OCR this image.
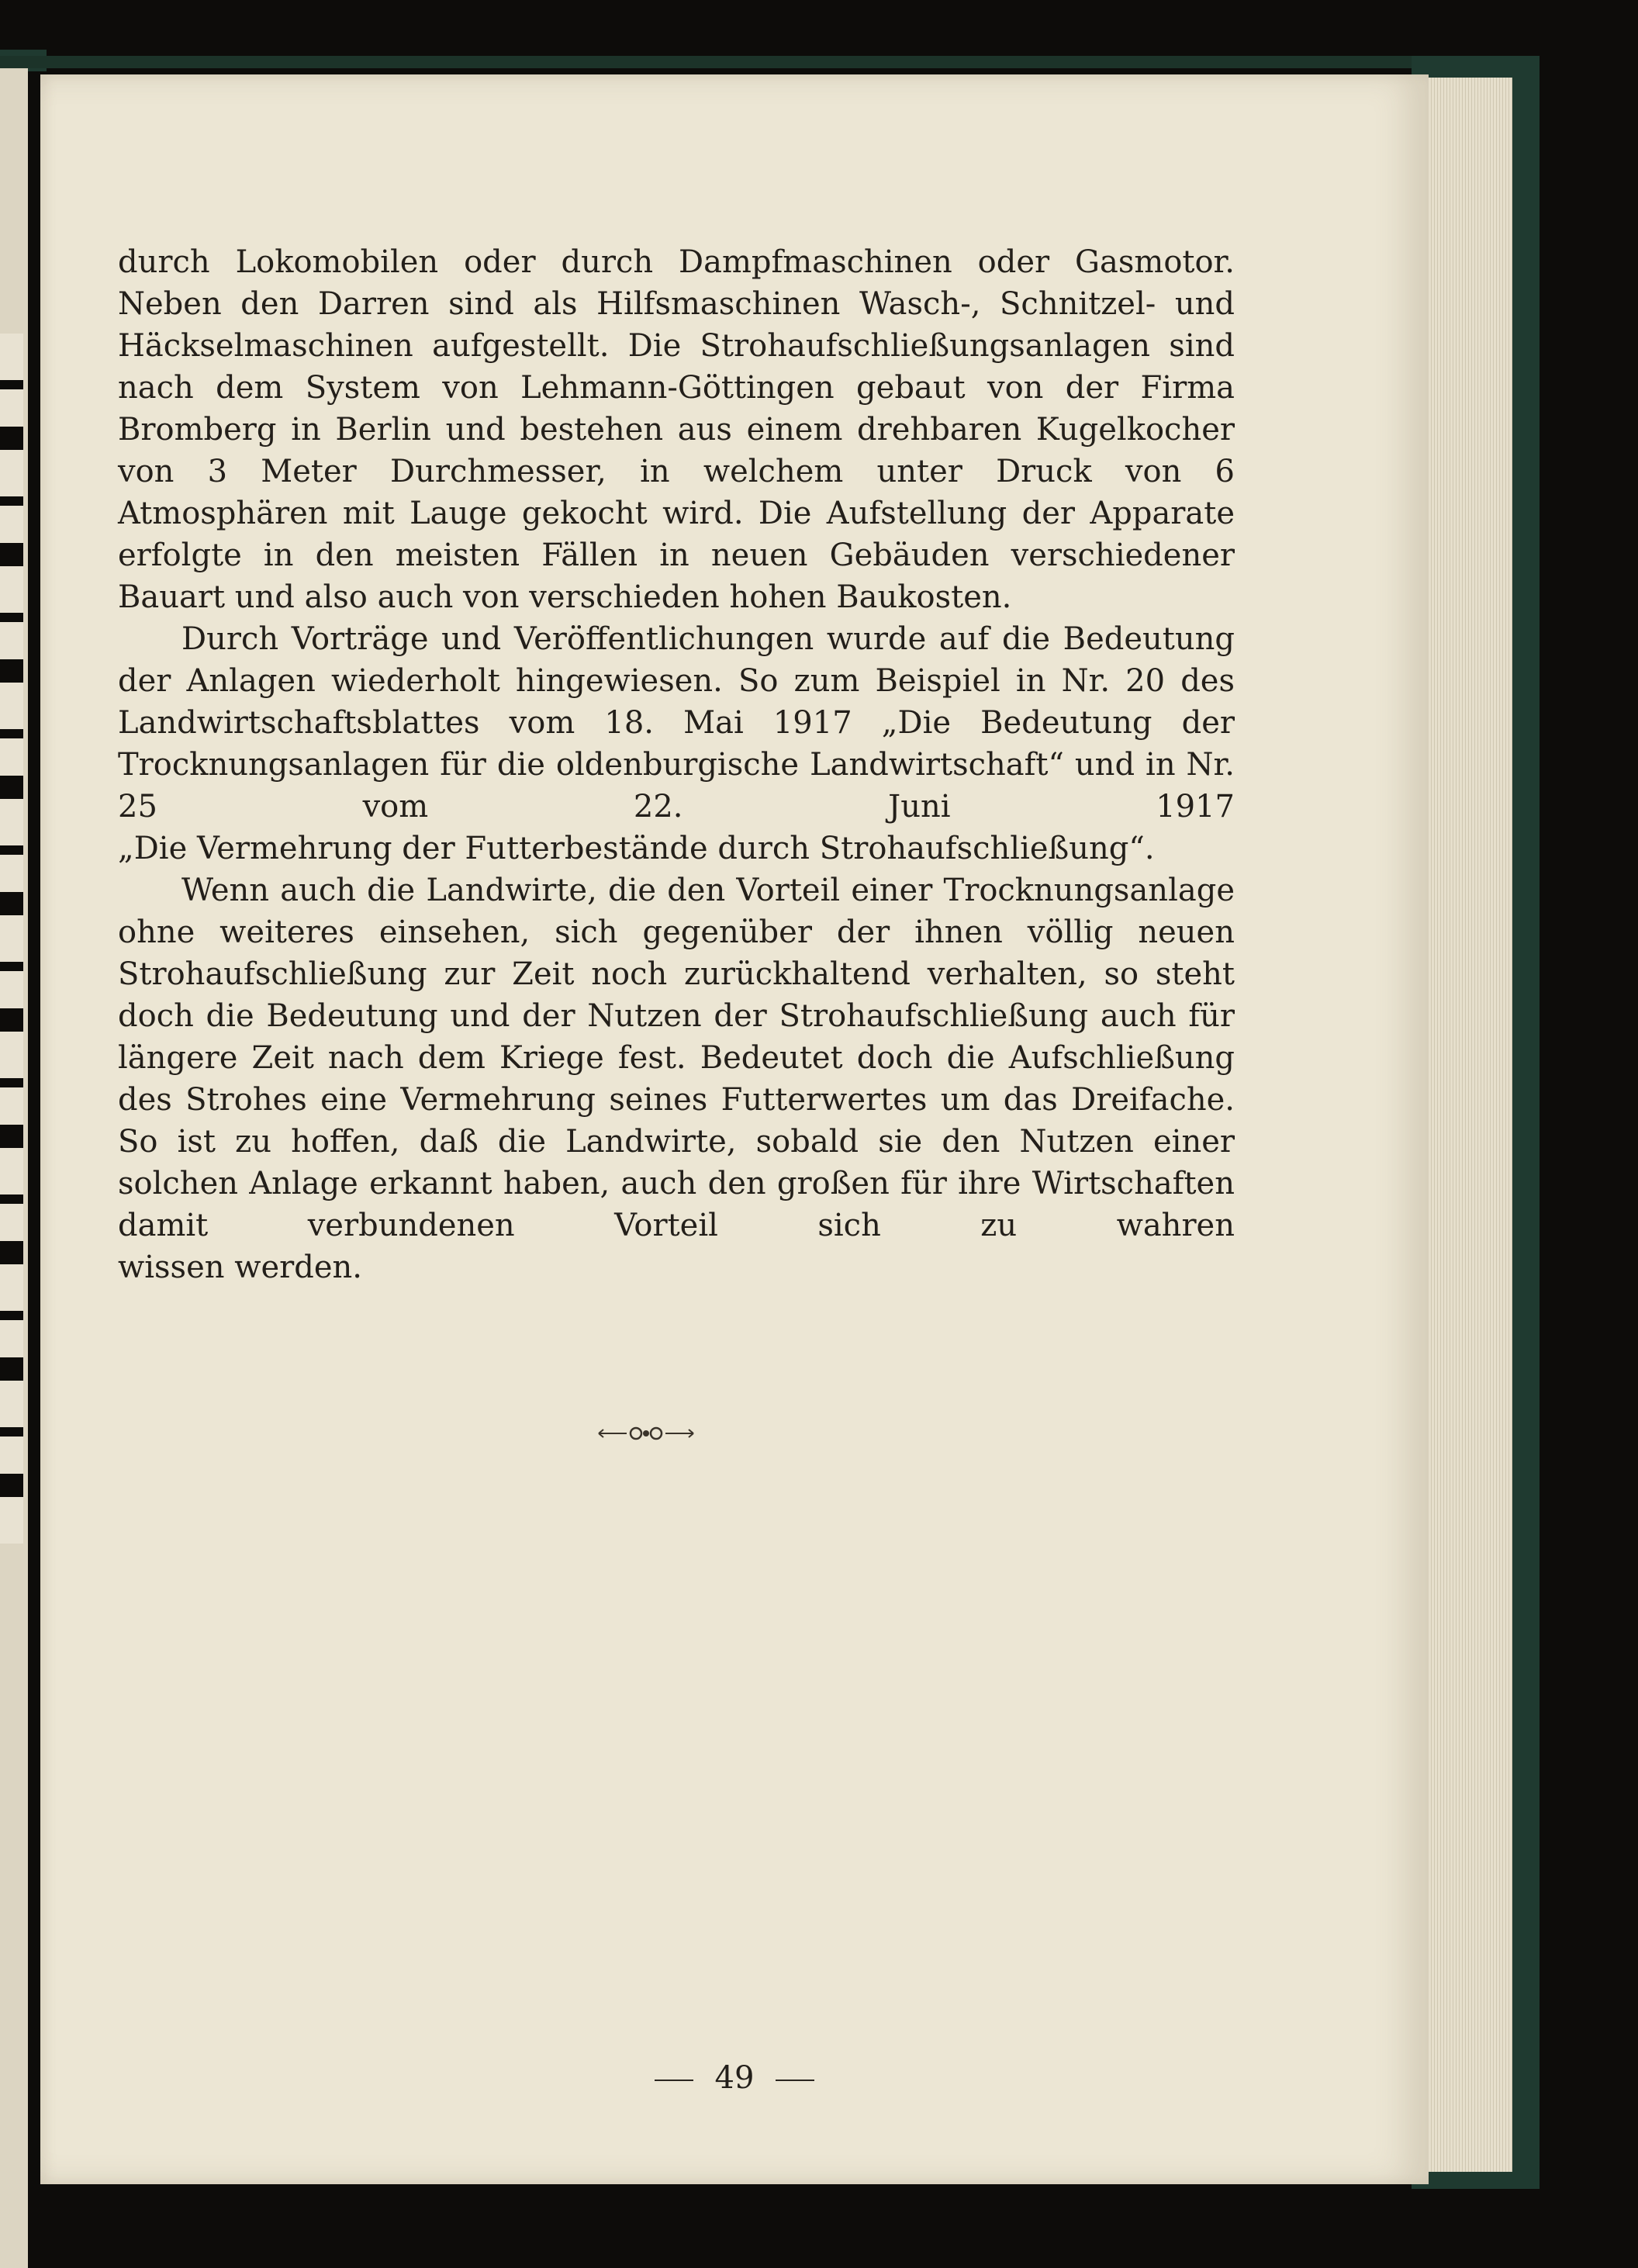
durch Lokomobilen oder durch Dampfmaschinen oder Gasmotor. Neben den Darren sind als Hilfsmaschinen Wasch-, Schnitzel- und Häckselmaschinen aufgestellt. Die Strohaufschließungsanlagen sind nach dem System von Lehmann-Göttingen gebaut von der Firma Bromberg in Berlin und bestehen aus einem drehbaren Kugelkocher von 3 Meter Durchmesser, in welchem unter Druck von 6 Atmosphären mit Lauge gekocht wird. Die Aufstellung der Apparate erfolgte in den meisten Fällen in neuen Gebäuden verschiedener

Bauart und also auch von verschieden hohen Baukosten.

Durch Vorträge und Veröffentlichungen wurde auf die Bedeutung der Anlagen wiederholt hingewiesen. So zum Beispiel in Nr. 20 des Landwirtschaftsblattes vom 18. Mai 1917 „Die Bedeutung der Trocknungsanlagen für die oldenburgische Landwirtschaft“ und in Nr. 25 vom 22. Juni 1917

„Die Vermehrung der Futterbestände durch Strohaufschließung“.

Wenn auch die Landwirte, die den Vorteil einer Trocknungsanlage ohne weiteres einsehen, sich gegenüber der ihnen völlig neuen Strohaufschließung zur Zeit noch zurückhaltend verhalten, so steht doch die Bedeutung und der Nutzen der Strohaufschließung auch für längere Zeit nach dem Kriege fest. Bedeutet doch die Aufschließung des Strohes eine Vermehrung seines Futterwertes um das Dreifache. So ist zu hoffen, daß die Landwirte, sobald sie den Nutzen einer solchen Anlage erkannt haben, auch den großen für ihre Wirtschaften damit verbundenen Vorteil sich zu wahren

wissen werden.

49
